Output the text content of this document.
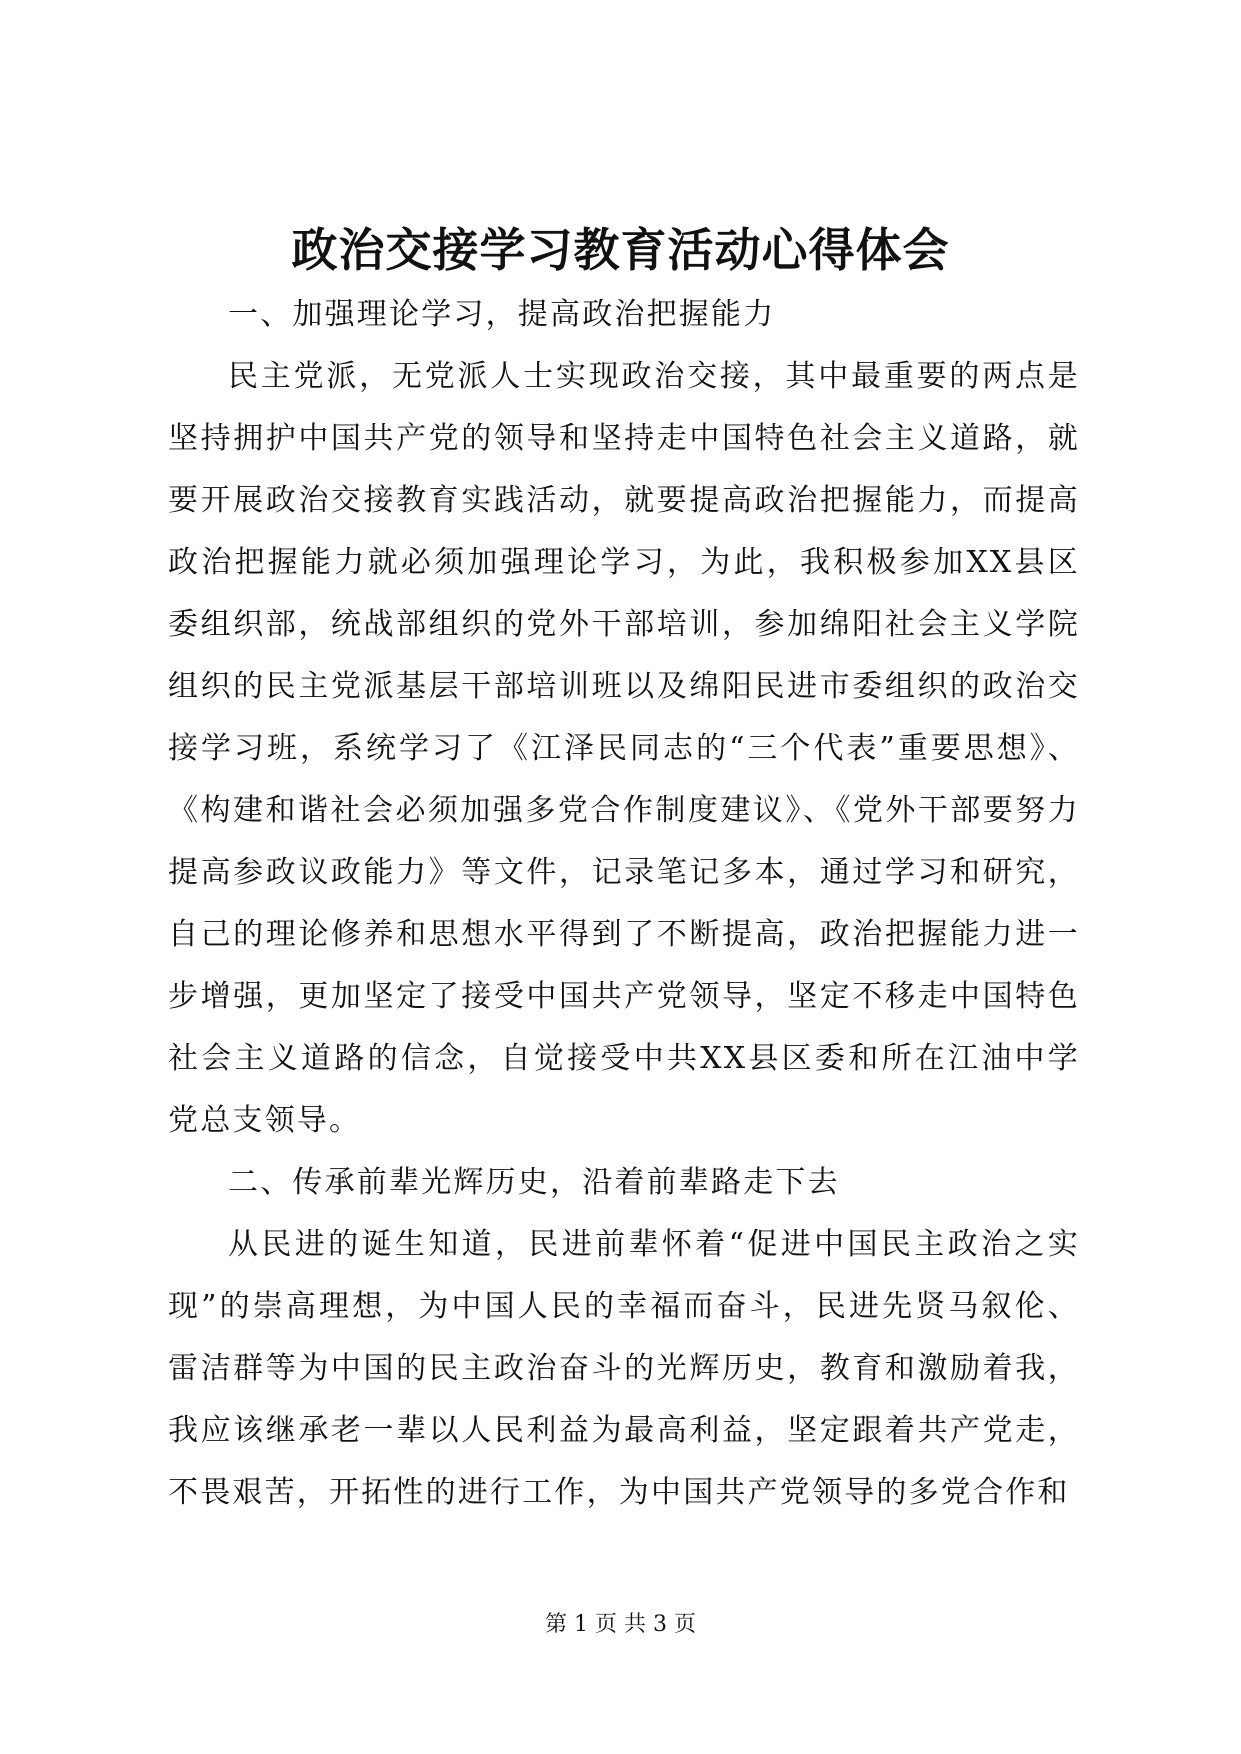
政治交接学习教育活动心得体会

一、加强理论学习，提高政治把握能力

民主党派，无党派人士实现政治交接，其中最重要的两点是坚持拥护中国共产党的领导和坚持走中国特色社会主义道路，就要开展政治交接教育实践活动，就要提高政治把握能力，而提高政治把握能力就必须加强理论学习，为此，我积极参加XX县区委组织部，统战部组织的党外干部培训，参加绵阳社会主义学院组织的民主党派基层干部培训班以及绵阳民进市委组织的政治交接学习班，系统学习了《江泽民同志的“三个代表”重要思想》、《构建和谐社会必须加强多党合作制度建议》、《党外干部要努力提高参政议政能力》等文件，记录笔记多本，通过学习和研究，自己的理论修养和思想水平得到了不断提高，政治把握能力进一步增强，更加坚定了接受中国共产党领导，坚定不移走中国特色社会主义道路的信念，自觉接受中共XX县区委和所在江油中学党总支领导。

二、传承前辈光辉历史，沿着前辈路走下去

从民进的诞生知道，民进前辈怀着“促进中国民主政治之实现”的崇高理想，为中国人民的幸福而奋斗，民进先贤马叙伦、雷洁群等为中国的民主政治奋斗的光辉历史，教育和激励着我，我应该继承老一辈以人民利益为最高利益，坚定跟着共产党走，不畏艰苦，开拓性的进行工作，为中国共产党领导的多党合作和

第 1 页 共 3 页
